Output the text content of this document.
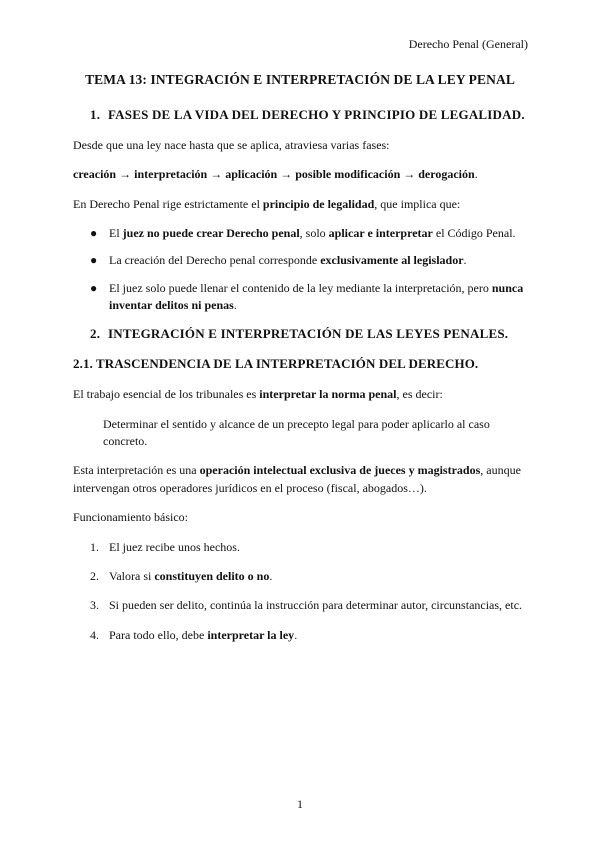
Derecho Penal (General)
TEMA 13: INTEGRACIÓN E INTERPRETACIÓN DE LA LEY PENAL
1. FASES DE LA VIDA DEL DERECHO Y PRINCIPIO DE LEGALIDAD.

Desde que una ley nace hasta que se aplica, atraviesa varias fases:

creación → interpretación → aplicación → posible modificación → derogación.

En Derecho Penal rige estrictamente el principio de legalidad, que implica que:

● El juez no puede crear Derecho penal, solo aplicar e interpretar el Código Penal.
● La creación del Derecho penal corresponde exclusivamente al legislador.
● El juez solo puede llenar el contenido de la ley mediante la interpretación, pero nunca inventar delitos ni penas.
2. INTEGRACIÓN E INTERPRETACIÓN DE LAS LEYES PENALES.
2.1. TRASCENDENCIA DE LA INTERPRETACIÓN DEL DERECHO.

El trabajo esencial de los tribunales es interpretar la norma penal, es decir:

Determinar el sentido y alcance de un precepto legal para poder aplicarlo al caso concreto.

Esta interpretación es una operación intelectual exclusiva de jueces y magistrados, aunque intervengan otros operadores jurídicos en el proceso (fiscal, abogados…).

Funcionamiento básico:

1. El juez recibe unos hechos.
2. Valora si constituyen delito o no.
3. Si pueden ser delito, continúa la instrucción para determinar autor, circunstancias, etc.
4. Para todo ello, debe interpretar la ley.
1
